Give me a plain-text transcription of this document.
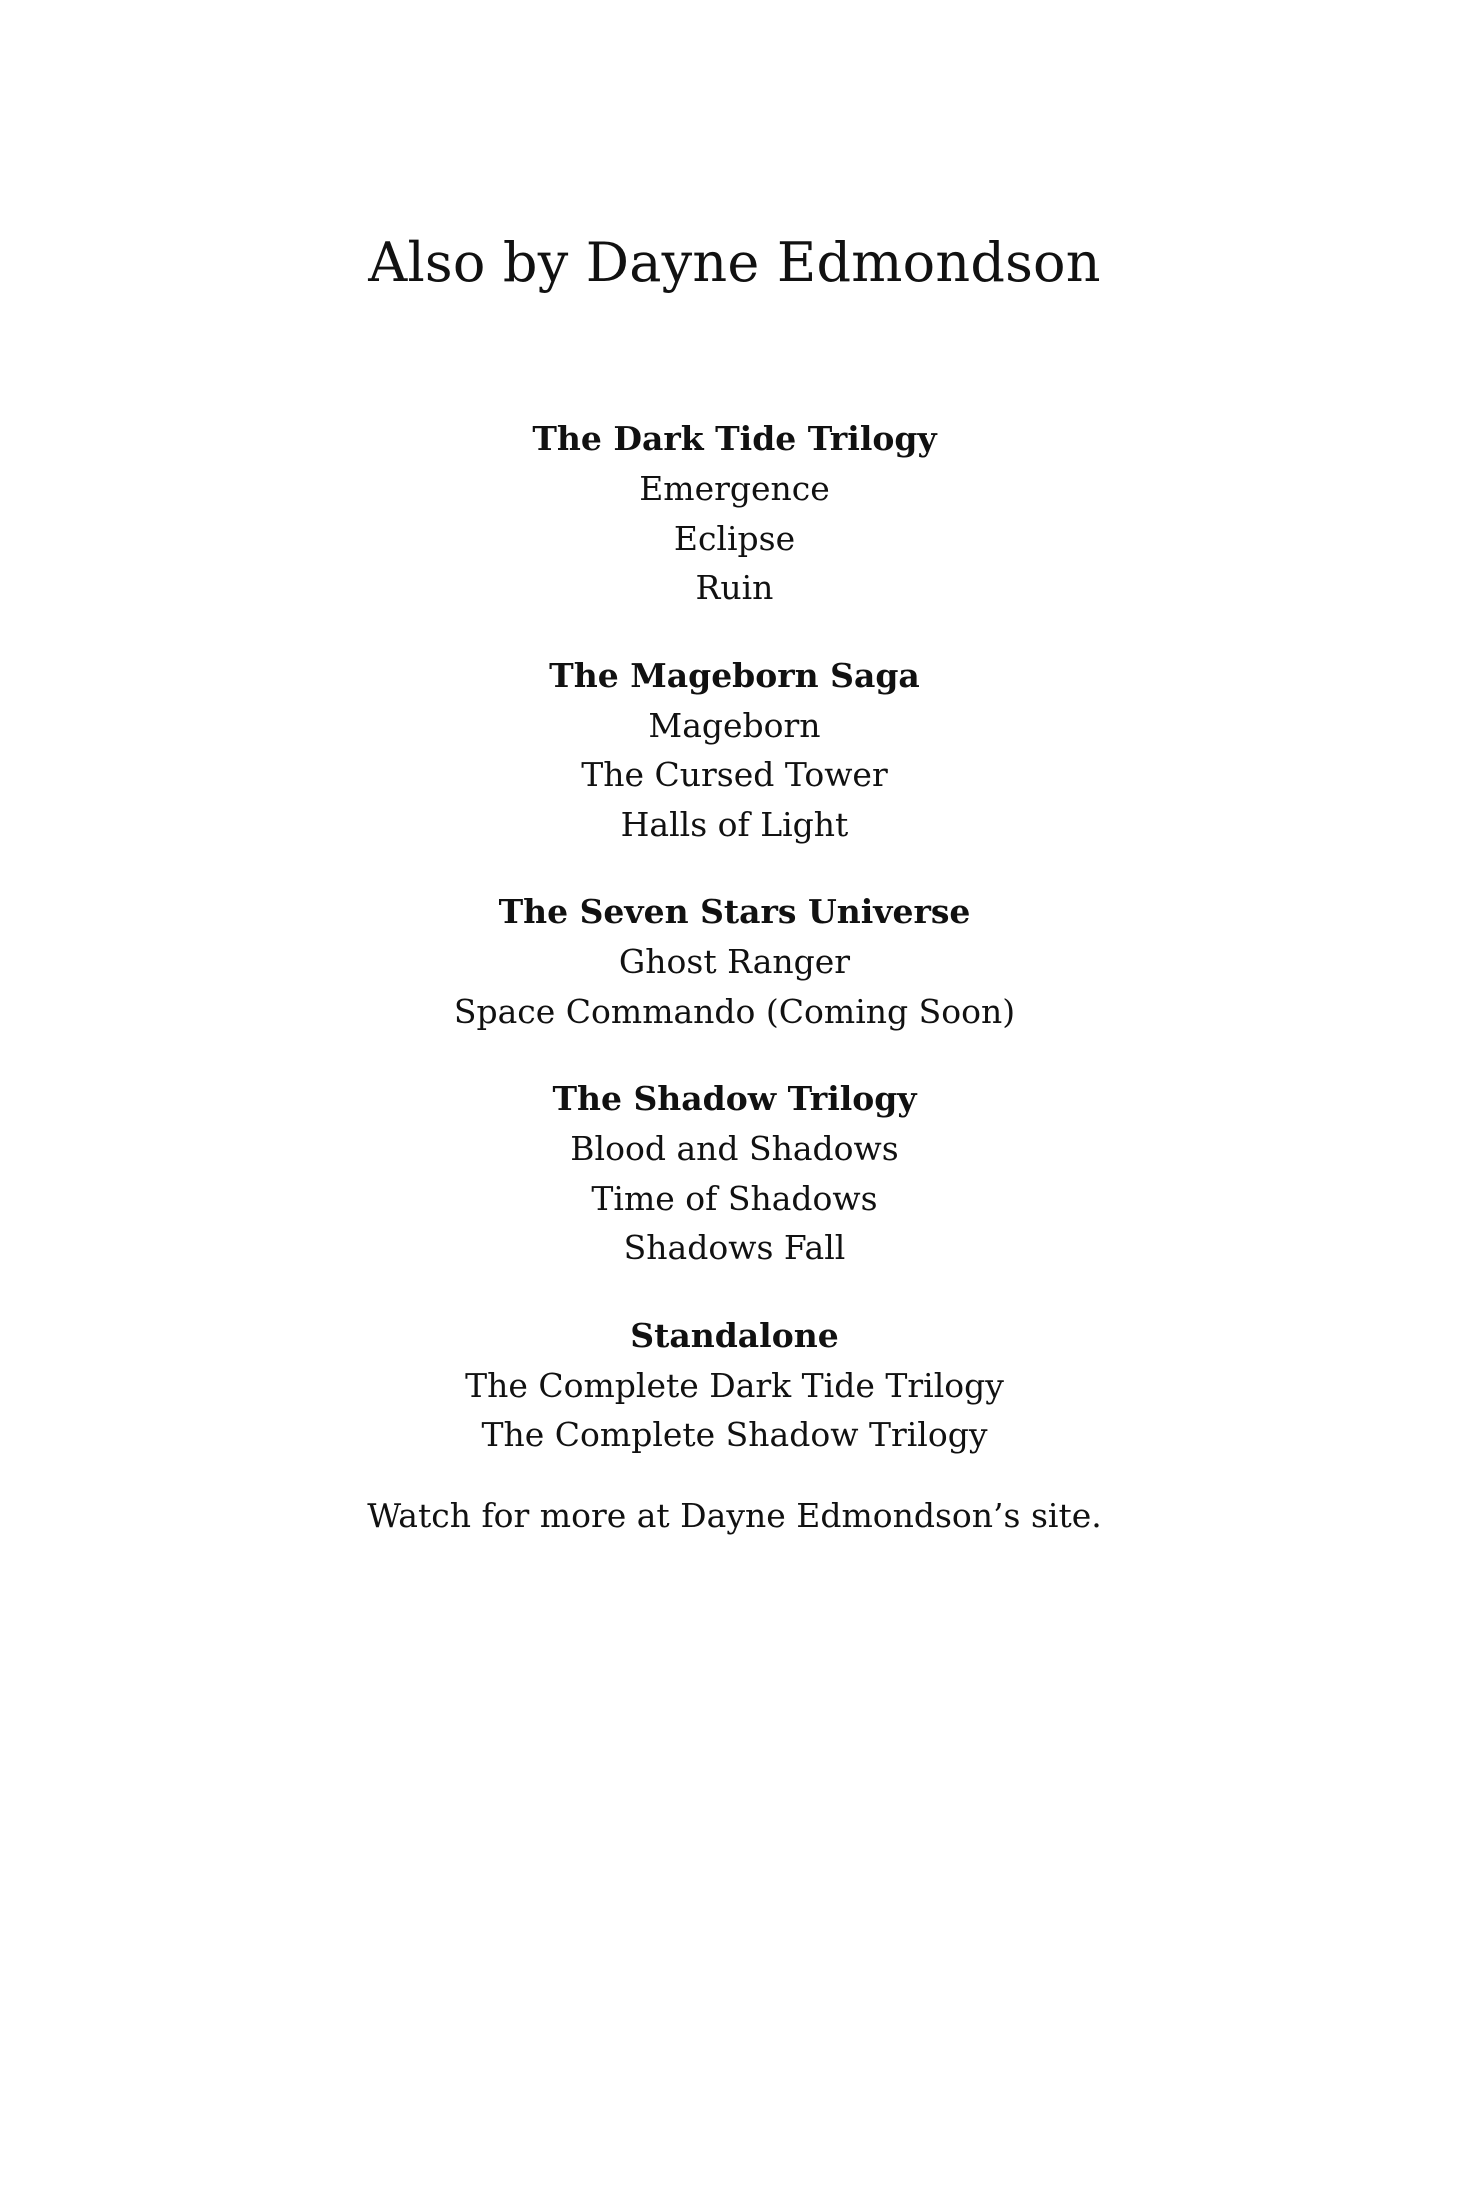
Also by Dayne Edmondson

The Dark Tide Trilogy

Emergence

Eclipse

Ruin

The Mageborn Saga

Mageborn

The Cursed Tower

Halls of Light

The Seven Stars Universe

Ghost Ranger

Space Commando (Coming Soon)

The Shadow Trilogy

Blood and Shadows

Time of Shadows

Shadows Fall

Standalone

The Complete Dark Tide Trilogy

The Complete Shadow Trilogy

Watch for more at Dayne Edmondson’s site.
